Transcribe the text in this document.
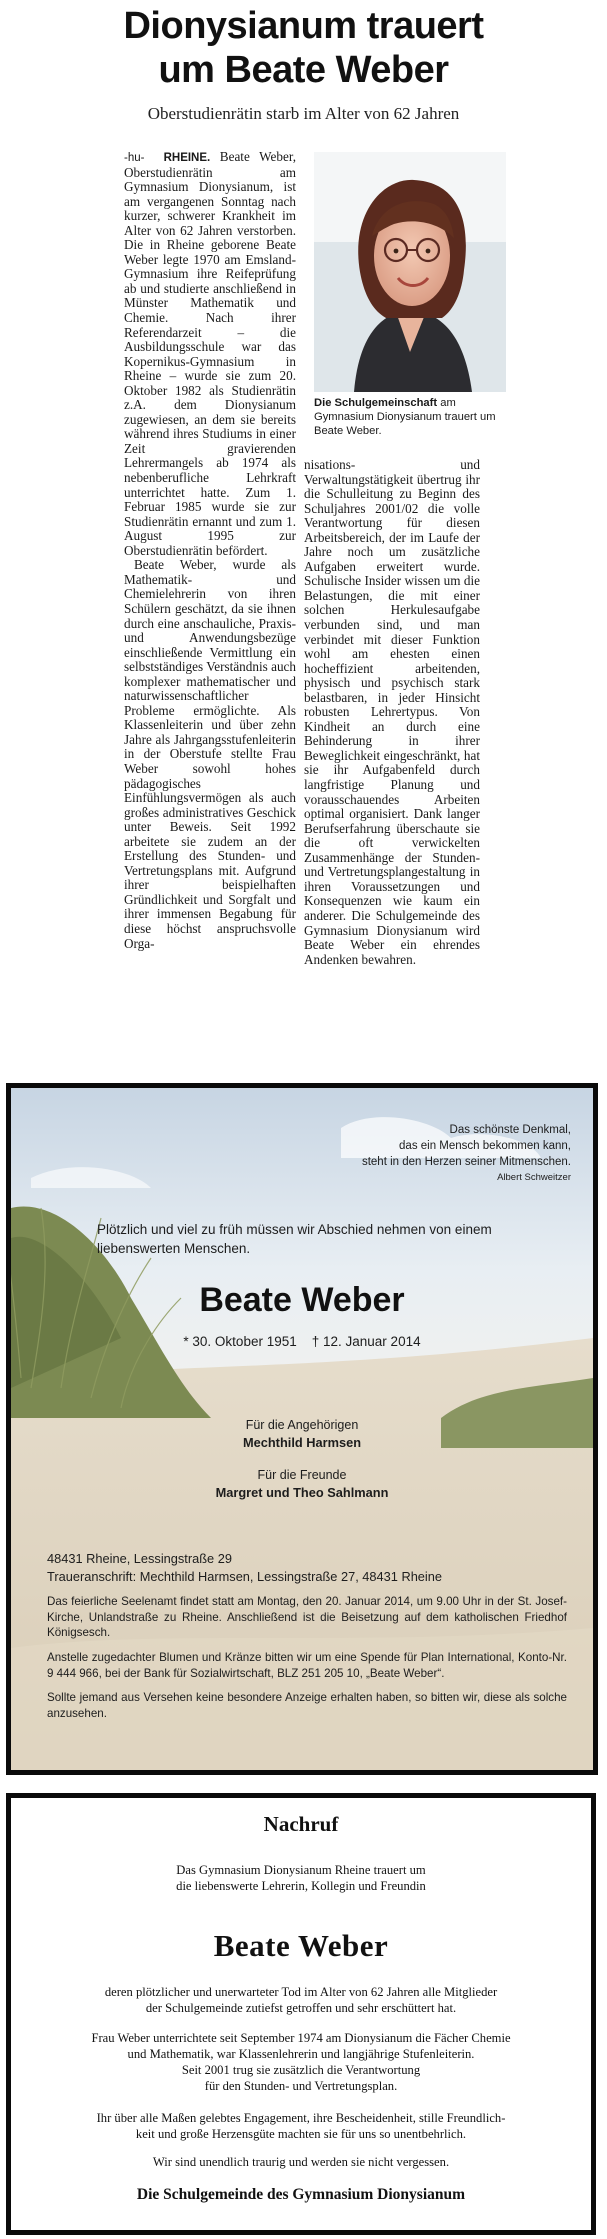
Dionysianum trauert
um Beate Weber

Oberstudienrätin starb im Alter von 62 Jahren

-hu- RHEINE. Beate Weber, Oberstudienrätin am Gymnasium Dionysianum, ist am vergangenen Sonntag nach kurzer, schwerer Krankheit im Alter von 62 Jahren verstorben. Die in Rheine geborene Beate Weber legte 1970 am Emsland-Gymnasium ihre Reifeprüfung ab und studierte anschließend in Münster Mathematik und Chemie. Nach ihrer Referendarzeit – die Ausbildungsschule war das Kopernikus-Gymnasium in Rheine – wurde sie zum 20. Oktober 1982 als Studienrätin z.A. dem Dionysianum zugewiesen, an dem sie bereits während ihres Studiums in einer Zeit gravierenden Lehrermangels ab 1974 als nebenberufliche Lehrkraft unterrichtet hatte. Zum 1. Februar 1985 wurde sie zur Studienrätin ernannt und zum 1. August 1995 zur Oberstudienrätin befördert.

Beate Weber, wurde als Mathematik- und Chemielehrerin von ihren Schülern geschätzt, da sie ihnen durch eine anschauliche, Praxis- und Anwendungsbezüge einschließende Vermittlung ein selbstständiges Verständnis auch komplexer mathematischer und naturwissenschaftlicher Probleme ermöglichte. Als Klassenleiterin und über zehn Jahre als Jahrgangsstufenleiterin in der Oberstufe stellte Frau Weber sowohl hohes pädagogisches Einfühlungsvermögen als auch großes administratives Geschick unter Beweis. Seit 1992 arbeitete sie zudem an der Erstellung des Stunden- und Vertretungsplans mit. Aufgrund ihrer beispielhaften Gründlichkeit und Sorgfalt und ihrer immensen Begabung für diese höchst anspruchsvolle Orga-

Die Schulgemeinschaft am Gymnasium Dionysianum trauert um Beate Weber.

nisations- und Verwaltungstätigkeit übertrug ihr die Schulleitung zu Beginn des Schuljahres 2001/02 die volle Verantwortung für diesen Arbeitsbereich, der im Laufe der Jahre noch um zusätzliche Aufgaben erweitert wurde. Schulische Insider wissen um die Belastungen, die mit einer solchen Herkulesaufgabe verbunden sind, und man verbindet mit dieser Funktion wohl am ehesten einen hocheffizient arbeitenden, physisch und psychisch stark belastbaren, in jeder Hinsicht robusten Lehrertypus. Von Kindheit an durch eine Behinderung in ihrer Beweglichkeit eingeschränkt, hat sie ihr Aufgabenfeld durch langfristige Planung und vorausschauendes Arbeiten optimal organisiert. Dank langer Berufserfahrung überschaute sie die oft verwickelten Zusammenhänge der Stunden- und Vertretungsplangestaltung in ihren Voraussetzungen und Konsequenzen wie kaum ein anderer. Die Schulgemeinde des Gymnasium Dionysianum wird Beate Weber ein ehrendes Andenken bewahren.

Das schönste Denkmal,
das ein Mensch bekommen kann,
steht in den Herzen seiner Mitmenschen.
Albert Schweitzer
Plötzlich und viel zu früh müssen wir Abschied nehmen von einem liebenswerten Menschen.
Beate Weber
* 30. Oktober 1951 † 12. Januar 2014
Für die Angehörigen
Mechthild Harmsen
Für die Freunde
Margret und Theo Sahlmann
48431 Rheine, Lessingstraße 29
Traueranschrift: Mechthild Harmsen, Lessingstraße 27, 48431 Rheine
Das feierliche Seelenamt findet statt am Montag, den 20. Januar 2014, um 9.00 Uhr in der St. Josef-Kirche, Unlandstraße zu Rheine. Anschließend ist die Beisetzung auf dem katholischen Friedhof Königsesch.
Anstelle zugedachter Blumen und Kränze bitten wir um eine Spende für Plan International, Konto-Nr. 9 444 966, bei der Bank für Sozialwirtschaft, BLZ 251 205 10, „Beate Weber“.
Sollte jemand aus Versehen keine besondere Anzeige erhalten haben, so bitten wir, diese als solche anzusehen.
Nachruf
Das Gymnasium Dionysianum Rheine trauert um
die liebenswerte Lehrerin, Kollegin und Freundin
Beate Weber
deren plötzlicher und unerwarteter Tod im Alter von 62 Jahren alle Mitglieder
der Schulgemeinde zutiefst getroffen und sehr erschüttert hat.
Frau Weber unterrichtete seit September 1974 am Dionysianum die Fächer Chemie
und Mathematik, war Klassenlehrerin und langjährige Stufenleiterin.
Seit 2001 trug sie zusätzlich die Verantwortung
für den Stunden- und Vertretungsplan.
Ihr über alle Maßen gelebtes Engagement, ihre Bescheidenheit, stille Freundlich-
keit und große Herzensgüte machten sie für uns so unentbehrlich.
Wir sind unendlich traurig und werden sie nicht vergessen.
Die Schulgemeinde des Gymnasium Dionysianum
